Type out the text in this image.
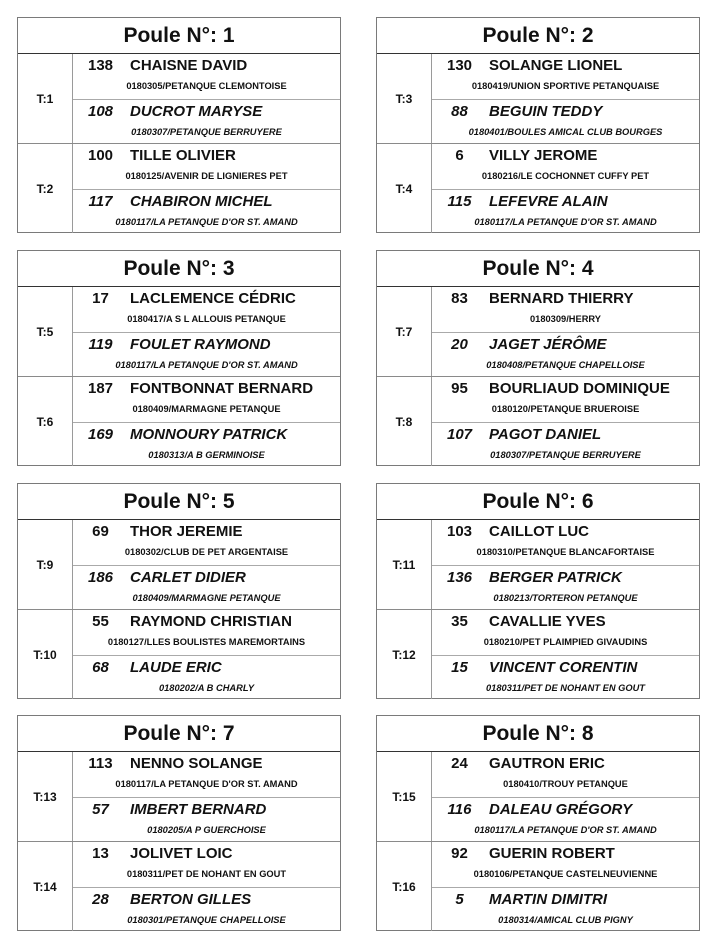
Poule N°: 1
T:1
138	CHAISNE DAVID
0180305/PETANQUE CLEMONTOISE
108	DUCROT MARYSE
0180307/PETANQUE BERRUYERE
T:2
100	TILLE OLIVIER
0180125/AVENIR DE LIGNIERES PET
117	CHABIRON MICHEL
0180117/LA PETANQUE D'OR ST. AMAND
Poule N°: 2
T:3
130	SOLANGE LIONEL
0180419/UNION SPORTIVE PETANQUAISE
88	BEGUIN TEDDY
0180401/BOULES AMICAL CLUB BOURGES
T:4
6	VILLY JEROME
0180216/LE COCHONNET CUFFY PET
115	LEFEVRE ALAIN
0180117/LA PETANQUE D'OR ST. AMAND
Poule N°: 3
T:5
17	LACLEMENCE CÉDRIC
0180417/A S L ALLOUIS PETANQUE
119	FOULET RAYMOND
0180117/LA PETANQUE D'OR ST. AMAND
T:6
187	FONTBONNAT BERNARD
0180409/MARMAGNE PETANQUE
169	MONNOURY PATRICK
0180313/A B GERMINOISE
Poule N°: 4
T:7
83	BERNARD THIERRY
0180309/HERRY
20	JAGET JÉRÔME
0180408/PETANQUE CHAPELLOISE
T:8
95	BOURLIAUD DOMINIQUE
0180120/PETANQUE BRUEROISE
107	PAGOT DANIEL
0180307/PETANQUE BERRUYERE
Poule N°: 5
T:9
69	THOR JEREMIE
0180302/CLUB DE PET ARGENTAISE
186	CARLET DIDIER
0180409/MARMAGNE PETANQUE
T:10
55	RAYMOND CHRISTIAN
0180127/LLES BOULISTES MAREMORTAINS
68	LAUDE ERIC
0180202/A B CHARLY
Poule N°: 6
T:11
103	CAILLOT LUC
0180310/PETANQUE BLANCAFORTAISE
136	BERGER PATRICK
0180213/TORTERON PETANQUE
T:12
35	CAVALLIE YVES
0180210/PET PLAIMPIED GIVAUDINS
15	VINCENT CORENTIN
0180311/PET DE NOHANT EN GOUT
Poule N°: 7
T:13
113	NENNO SOLANGE
0180117/LA PETANQUE D'OR ST. AMAND
57	IMBERT BERNARD
0180205/A P GUERCHOISE
T:14
13	JOLIVET LOIC
0180311/PET DE NOHANT EN GOUT
28	BERTON GILLES
0180301/PETANQUE CHAPELLOISE
Poule N°: 8
T:15
24	GAUTRON ERIC
0180410/TROUY PETANQUE
116	DALEAU GRÉGORY
0180117/LA PETANQUE D'OR ST. AMAND
T:16
92	GUERIN ROBERT
0180106/PETANQUE CASTELNEUVIENNE
5	MARTIN DIMITRI
0180314/AMICAL CLUB PIGNY
